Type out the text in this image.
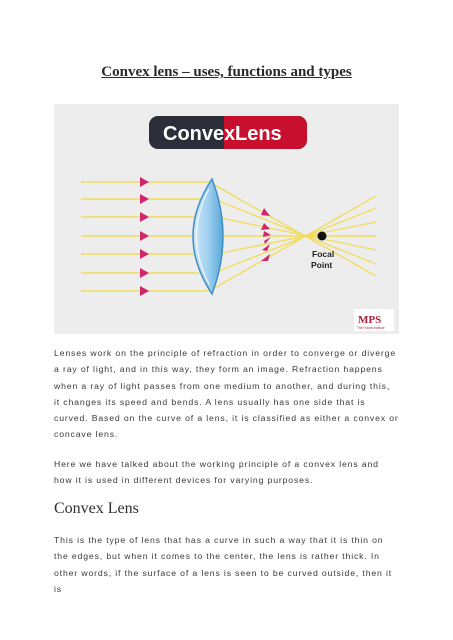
Convex lens – uses, functions and types
Convex Lens
Focal
Point
MPS
The Future Institute

Lenses work on the principle of refraction in order to converge or diverge a ray of light, and in this way, they form an image. Refraction happens when a ray of light passes from one medium to another, and during this, it changes its speed and bends. A lens usually has one side that is curved. Based on the curve of a lens, it is classified as either a convex or concave lens.

Here we have talked about the working principle of a convex lens and how it is used in different devices for varying purposes.

Convex Lens

This is the type of lens that has a curve in such a way that it is thin on the edges, but when it comes to the center, the lens is rather thick. In other words, if the surface of a lens is seen to be curved outside, then it is
